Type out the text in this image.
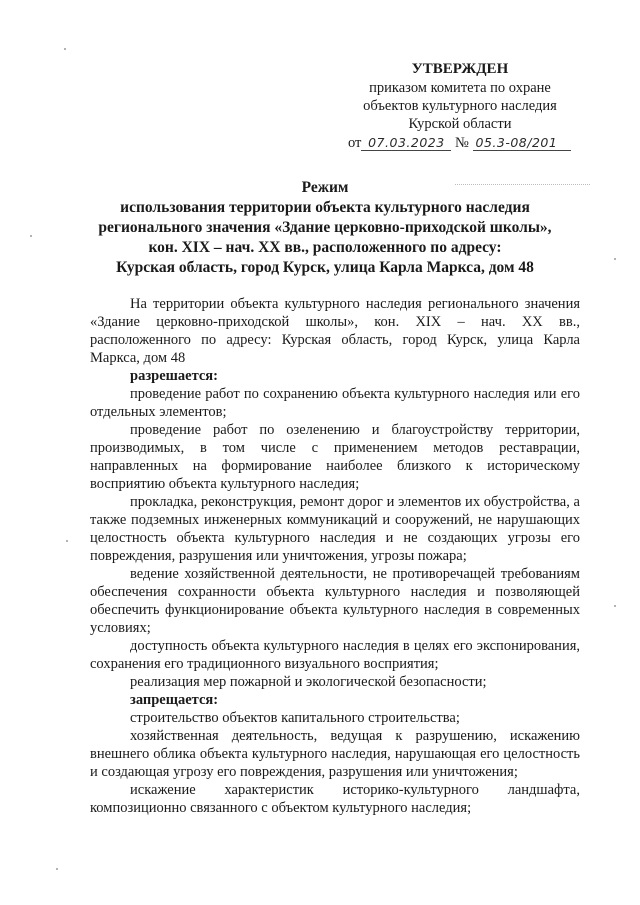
УТВЕРЖДЕН
приказом комитета по охране
объектов культурного наследия
Курской области
от 07.03.2023 № 05.3-08/201
Режим
использования территории объекта культурного наследия
регионального значения «Здание церковно-приходской школы»,
кон. XIX – нач. XX вв., расположенного по адресу:
Курская область, город Курск, улица Карла Маркса, дом 48

На территории объекта культурного наследия регионального значения «Здание церковно-приходской школы», кон. XIX – нач. XX вв., расположенного по адресу: Курская область, город Курск, улица Карла Маркса, дом 48

разрешается:

проведение работ по сохранению объекта культурного наследия или его отдельных элементов;

проведение работ по озеленению и благоустройству территории, производимых, в том числе с применением методов реставрации, направленных на формирование наиболее близкого к историческому восприятию объекта культурного наследия;

прокладка, реконструкция, ремонт дорог и элементов их обустройства, а также подземных инженерных коммуникаций и сооружений, не нарушающих целостность объекта культурного наследия и не создающих угрозы его повреждения, разрушения или уничтожения, угрозы пожара;

ведение хозяйственной деятельности, не противоречащей требованиям обеспечения сохранности объекта культурного наследия и позволяющей обеспечить функционирование объекта культурного наследия в современных условиях;

доступность объекта культурного наследия в целях его экспонирования, сохранения его традиционного визуального восприятия;

реализация мер пожарной и экологической безопасности;

запрещается:

строительство объектов капитального строительства;

хозяйственная деятельность, ведущая к разрушению, искажению внешнего облика объекта культурного наследия, нарушающая его целостность и создающая угрозу его повреждения, разрушения или уничтожения;

искажение характеристик историко-культурного ландшафта, композиционно связанного с объектом культурного наследия;
